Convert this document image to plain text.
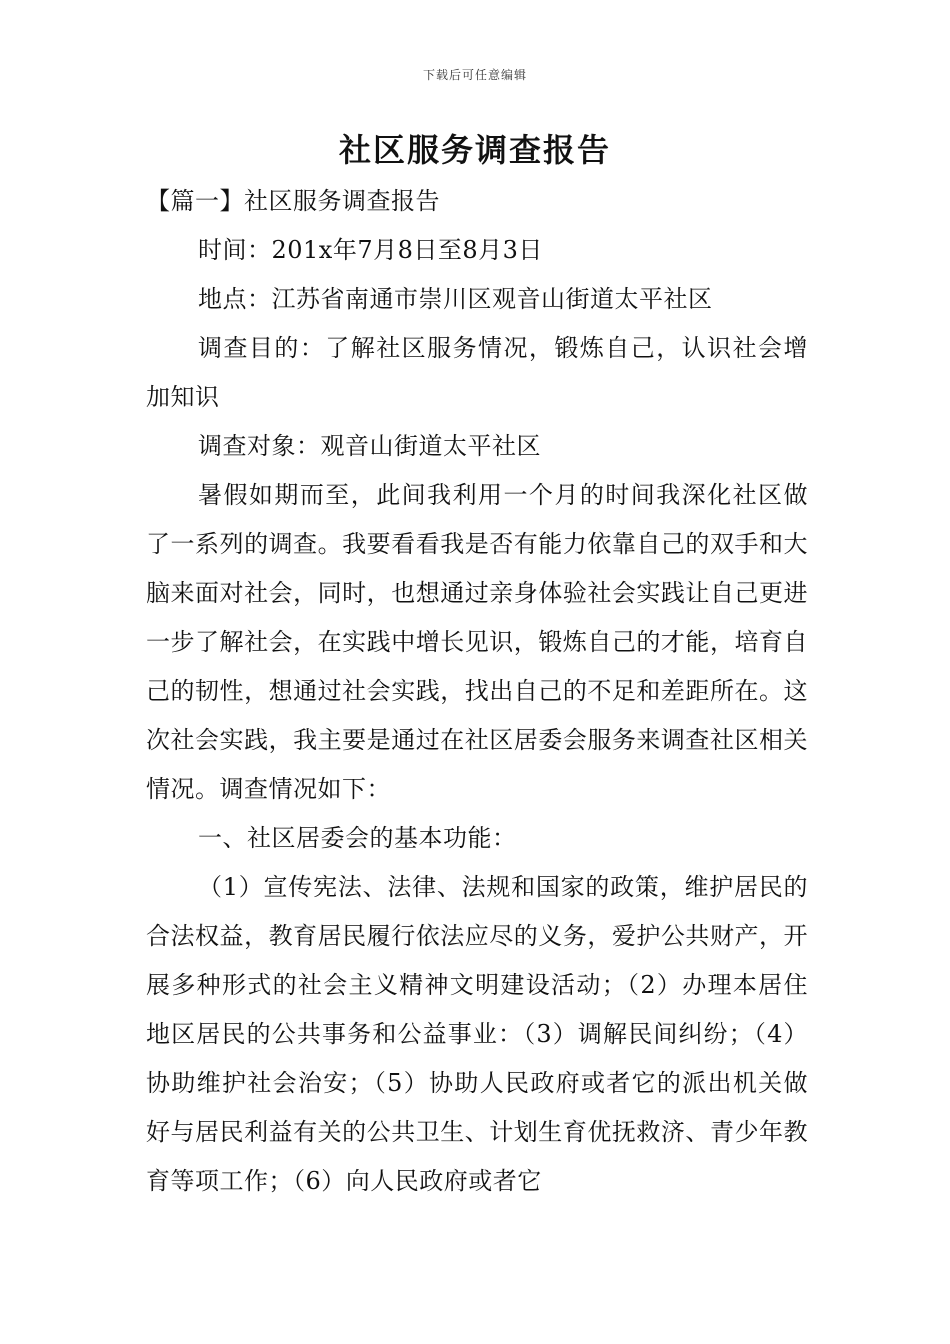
下载后可任意编辑
社区服务调查报告
【篇一】社区服务调查报告

时间：201x年7月8日至8月3日

地点：江苏省南通市崇川区观音山街道太平社区

调查目的：了解社区服务情况，锻炼自己，认识社会增加知识

调查对象：观音山街道太平社区

暑假如期而至，此间我利用一个月的时间我深化社区做了一系列的调查。我要看看我是否有能力依靠自己的双手和大脑来面对社会，同时，也想通过亲身体验社会实践让自己更进一步了解社会，在实践中增长见识，锻炼自己的才能，培育自己的韧性，想通过社会实践，找出自己的不足和差距所在。这次社会实践，我主要是通过在社区居委会服务来调查社区相关情况。调查情况如下：

一、社区居委会的基本功能：

（1）宣传宪法、法律、法规和国家的政策，维护居民的合法权益，教育居民履行依法应尽的义务，爱护公共财产，开展多种形式的社会主义精神文明建设活动；（2）办理本居住地区居民的公共事务和公益事业：（3）调解民间纠纷；（4）协助维护社会治安；（5）协助人民政府或者它的派出机关做好与居民利益有关的公共卫生、计划生育优抚救济、青少年教育等项工作；（6）向人民政府或者它
